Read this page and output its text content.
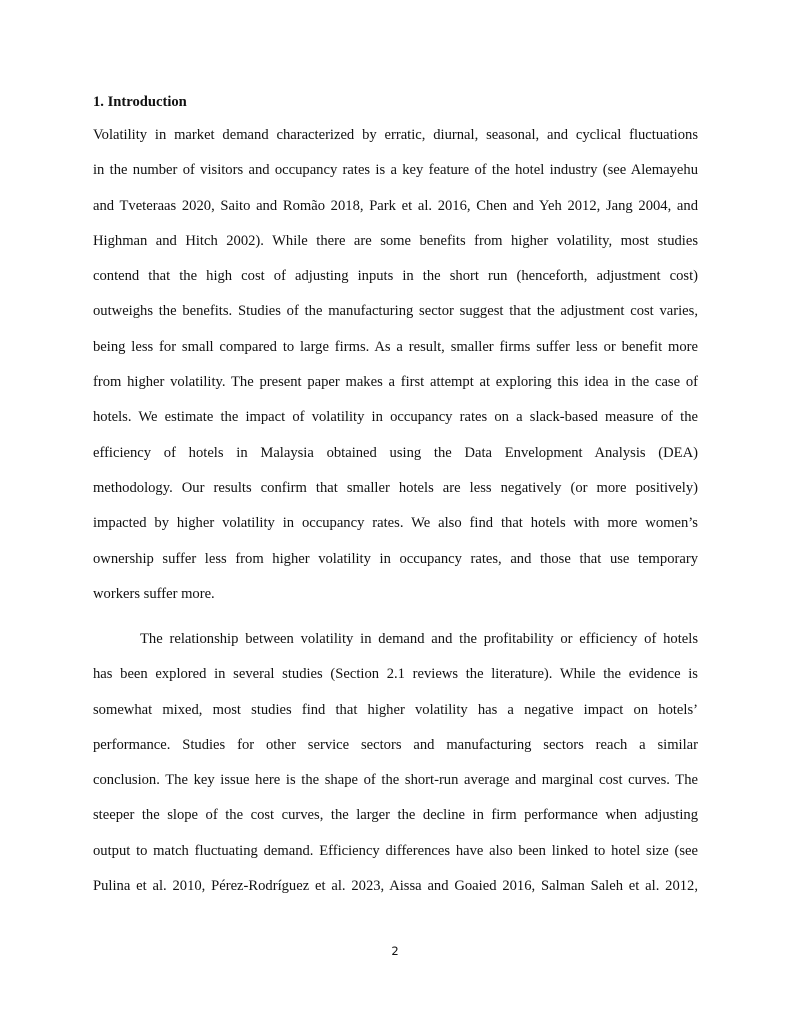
1. Introduction
Volatility in market demand characterized by erratic, diurnal, seasonal, and cyclical fluctuations
in the number of visitors and occupancy rates is a key feature of the hotel industry (see Alemayehu
and Tveteraas 2020, Saito and Romão 2018, Park et al. 2016, Chen and Yeh 2012, Jang 2004, and
Highman and Hitch 2002). While there are some benefits from higher volatility, most studies
contend that the high cost of adjusting inputs in the short run (henceforth, adjustment cost)
outweighs the benefits. Studies of the manufacturing sector suggest that the adjustment cost varies,
being less for small compared to large firms. As a result, smaller firms suffer less or benefit more
from higher volatility. The present paper makes a first attempt at exploring this idea in the case of
hotels. We estimate the impact of volatility in occupancy rates on a slack-based measure of the
efficiency of hotels in Malaysia obtained using the Data Envelopment Analysis (DEA)
methodology. Our results confirm that smaller hotels are less negatively (or more positively)
impacted by higher volatility in occupancy rates. We also find that hotels with more women’s
ownership suffer less from higher volatility in occupancy rates, and those that use temporary
workers suffer more.
The relationship between volatility in demand and the profitability or efficiency of hotels
has been explored in several studies (Section 2.1 reviews the literature). While the evidence is
somewhat mixed, most studies find that higher volatility has a negative impact on hotels’
performance. Studies for other service sectors and manufacturing sectors reach a similar
conclusion. The key issue here is the shape of the short-run average and marginal cost curves. The
steeper the slope of the cost curves, the larger the decline in firm performance when adjusting
output to match fluctuating demand. Efficiency differences have also been linked to hotel size (see
Pulina et al. 2010, Pérez-Rodríguez et al. 2023, Aissa and Goaied 2016, Salman Saleh et al. 2012,
2
